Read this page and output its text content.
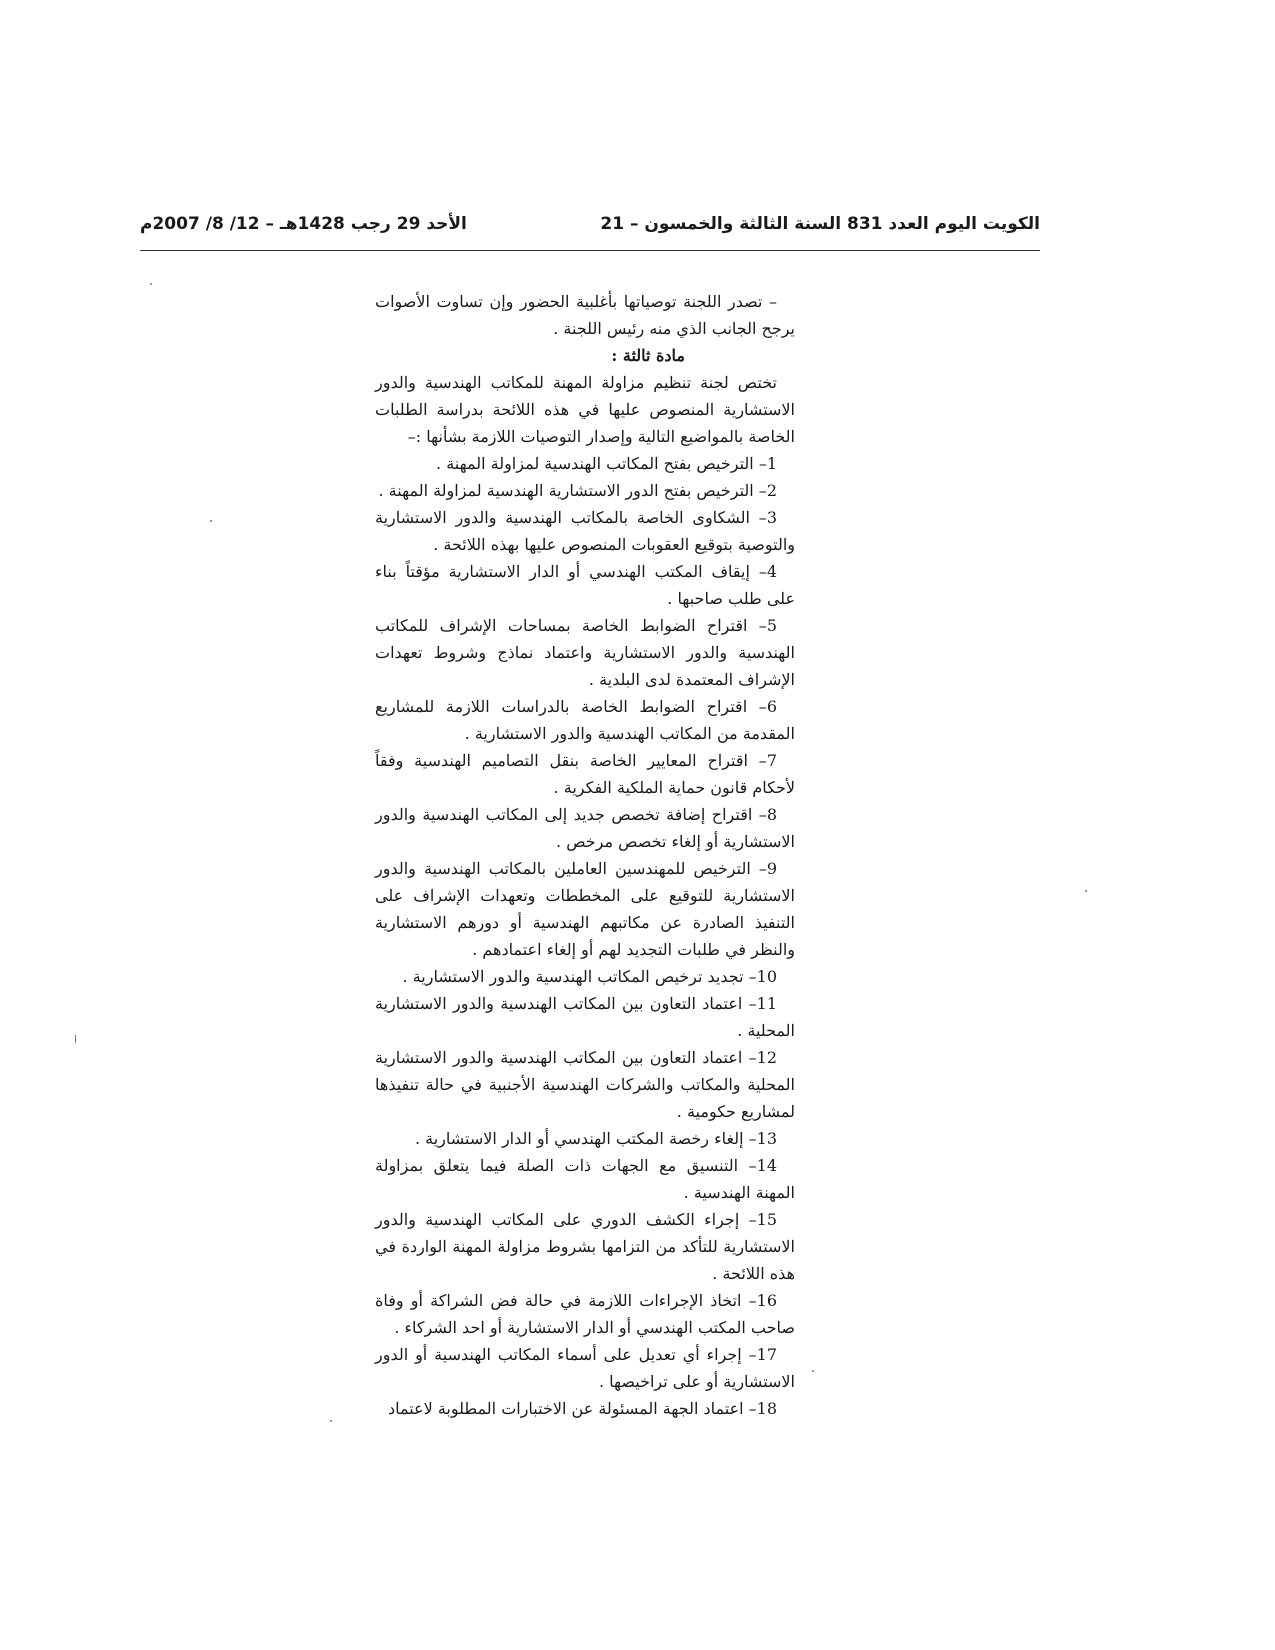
الكويت اليوم العدد 831 السنة الثالثة والخمسون – 21
الأحد 29 رجب 1428هـ – 12/ 8/ 2007م

– تصدر اللجنة توصياتها بأغلبية الحضور وإن تساوت الأصوات يرجح الجانب الذي منه رئيس اللجنة .

مادة ثالثة :

تختص لجنة تنظيم مزاولة المهنة للمكاتب الهندسية والدور الاستشارية المنصوص عليها في هذه اللائحة بدراسة الطلبات الخاصة بالمواضيع التالية وإصدار التوصيات اللازمة بشأنها :–

1– الترخيص بفتح المكاتب الهندسية لمزاولة المهنة .

2– الترخيص بفتح الدور الاستشارية الهندسية لمزاولة المهنة .

3– الشكاوى الخاصة بالمكاتب الهندسية والدور الاستشارية والتوصية بتوقيع العقوبات المنصوص عليها بهذه اللائحة .

4– إيقاف المكتب الهندسي أو الدار الاستشارية مؤقتاً بناء على طلب صاحبها .

5– اقتراح الضوابط الخاصة بمساحات الإشراف للمكاتب الهندسية والدور الاستشارية واعتماد نماذج وشروط تعهدات الإشراف المعتمدة لدى البلدية .

6– اقتراح الضوابط الخاصة بالدراسات اللازمة للمشاريع المقدمة من المكاتب الهندسية والدور الاستشارية .

7– اقتراح المعايير الخاصة بنقل التصاميم الهندسية وفقاً لأحكام قانون حماية الملكية الفكرية .

8– اقتراح إضافة تخصص جديد إلى المكاتب الهندسية والدور الاستشارية أو إلغاء تخصص مرخص .

9– الترخيص للمهندسين العاملين بالمكاتب الهندسية والدور الاستشارية للتوقيع على المخططات وتعهدات الإشراف على التنفيذ الصادرة عن مكاتبهم الهندسية أو دورهم الاستشارية والنظر في طلبات التجديد لهم أو إلغاء اعتمادهم .

10– تجديد ترخيص المكاتب الهندسية والدور الاستشارية .

11– اعتماد التعاون بين المكاتب الهندسية والدور الاستشارية المحلية .

12– اعتماد التعاون بين المكاتب الهندسية والدور الاستشارية المحلية والمكاتب والشركات الهندسية الأجنبية في حالة تنفيذها لمشاريع حكومية .

13– إلغاء رخصة المكتب الهندسي أو الدار الاستشارية .

14– التنسيق مع الجهات ذات الصلة فيما يتعلق بمزاولة المهنة الهندسية .

15– إجراء الكشف الدوري على المكاتب الهندسية والدور الاستشارية للتأكد من التزامها بشروط مزاولة المهنة الواردة في هذه اللائحة .

16– اتخاذ الإجراءات اللازمة في حالة فض الشراكة أو وفاة صاحب المكتب الهندسي أو الدار الاستشارية أو احد الشركاء .

17– إجراء أي تعديل على أسماء المكاتب الهندسية أو الدور الاستشارية أو على تراخيصها .

18– اعتماد الجهة المسئولة عن الاختبارات المطلوبة لاعتماد
